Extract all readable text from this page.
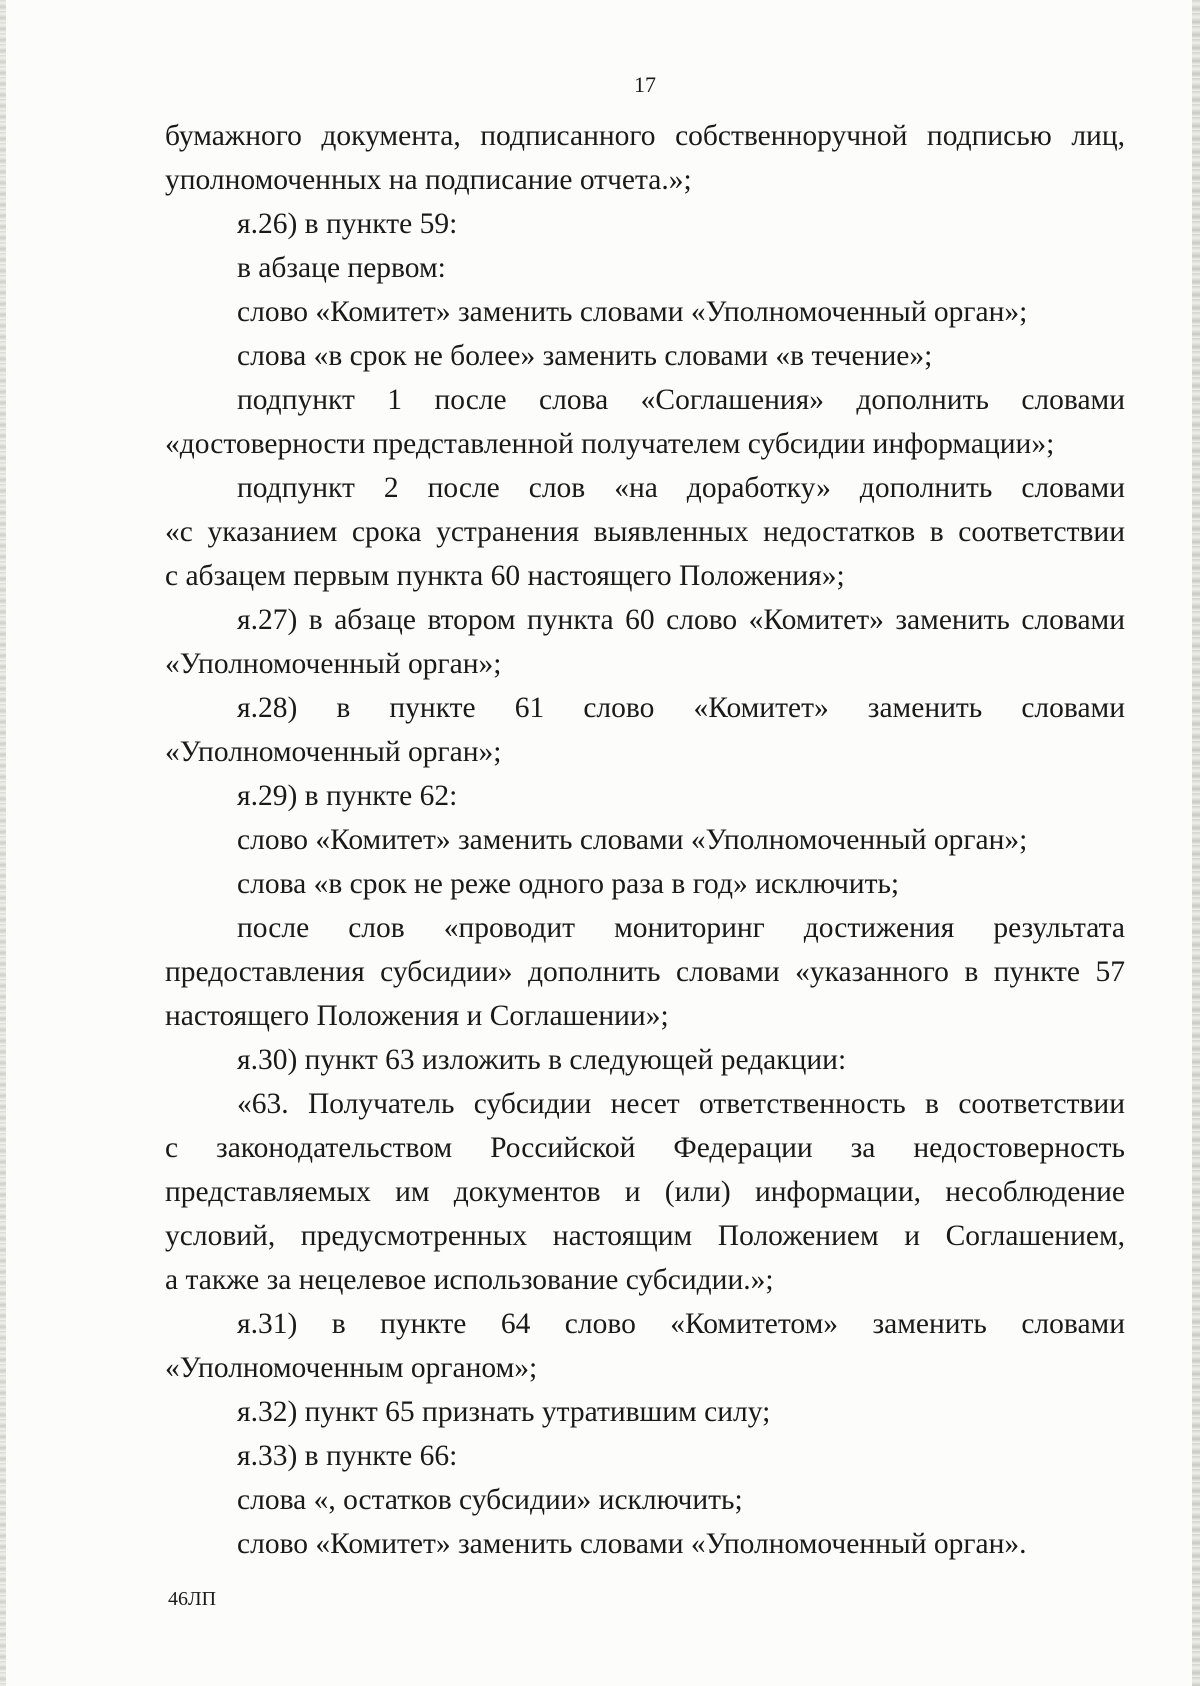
17
бумажного документа, подписанного собственноручной подписью лиц,
уполномоченных на подписание отчета.»;
я.26) в пункте 59:
в абзаце первом:
слово «Комитет» заменить словами «Уполномоченный орган»;
слова «в срок не более» заменить словами «в течение»;
подпункт 1 после слова «Соглашения» дополнить словами
«достоверности представленной получателем субсидии информации»;
подпункт 2 после слов «на доработку» дополнить словами
«с указанием срока устранения выявленных недостатков в соответствии
с абзацем первым пункта 60 настоящего Положения»;
я.27) в абзаце втором пункта 60 слово «Комитет» заменить словами
«Уполномоченный орган»;
я.28) в пункте 61 слово «Комитет» заменить словами
«Уполномоченный орган»;
я.29) в пункте 62:
слово «Комитет» заменить словами «Уполномоченный орган»;
слова «в срок не реже одного раза в год» исключить;
после слов «проводит мониторинг достижения результата
предоставления субсидии» дополнить словами «указанного в пункте 57
настоящего Положения и Соглашении»;
я.30) пункт 63 изложить в следующей редакции:
«63. Получатель субсидии несет ответственность в соответствии
с законодательством Российской Федерации за недостоверность
представляемых им документов и (или) информации, несоблюдение
условий, предусмотренных настоящим Положением и Соглашением,
а также за нецелевое использование субсидии.»;
я.31) в пункте 64 слово «Комитетом» заменить словами
«Уполномоченным органом»;
я.32) пункт 65 признать утратившим силу;
я.33) в пункте 66:
слова «, остатков субсидии» исключить;
слово «Комитет» заменить словами «Уполномоченный орган».
46ЛП
